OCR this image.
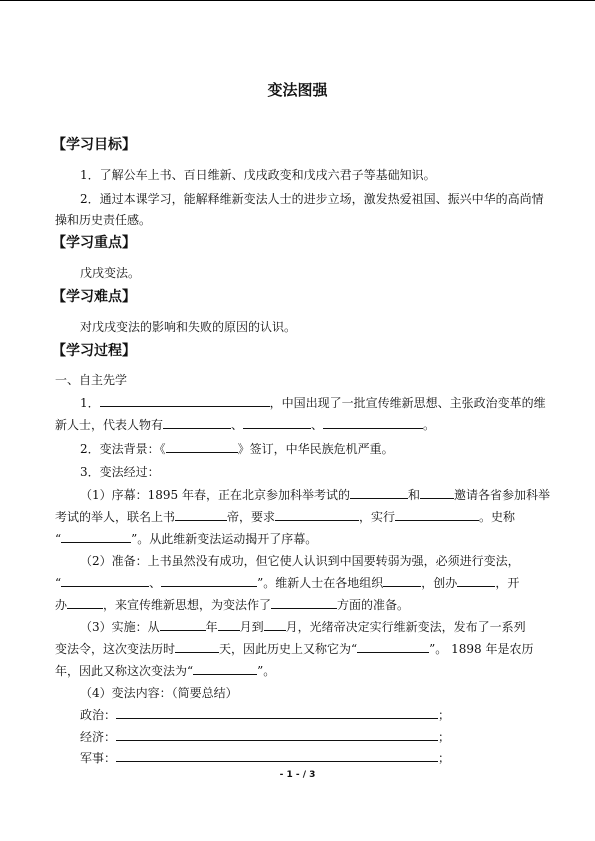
变法图强
【学习目标】
1．了解公车上书、百日维新、戊戌政变和戊戌六君子等基础知识。
2．通过本课学习，能解释维新变法人士的进步立场，激发热爱祖国、振兴中华的高尚情
操和历史责任感。
【学习重点】
戊戌变法。
【学习难点】
对戊戌变法的影响和失败的原因的认识。
【学习过程】
一、自主先学
1．	，中国出现了一批宣传维新思想、主张政治变革的维
新人士，代表人物有	、	、	。
2．变法背景：《	》签订，中华民族危机严重。
3．变法经过：
（1）序幕：1895 年春，正在北京参加科举考试的	和	邀请各省参加科举
考试的举人，联名上书	帝，要求	，实行	。史称
“	”。从此维新变法运动揭开了序幕。
（2）准备：上书虽然没有成功，但它使人认识到中国要转弱为强，必须进行变法，
“	、	”。维新人士在各地组织	，创办	，开
办	，来宣传维新思想，为变法作了	方面的准备。
（3）实施：从	年 月到 月，光绪帝决定实行维新变法，发布了一系列
变法令，这次变法历时	天，因此历史上又称它为“	”。 1898 年是农历
年，因此又称这次变法为“	”。
（4）变法内容：（简要总结）
政治：	；
经济：	；
军事：	；
- 1 - / 3
